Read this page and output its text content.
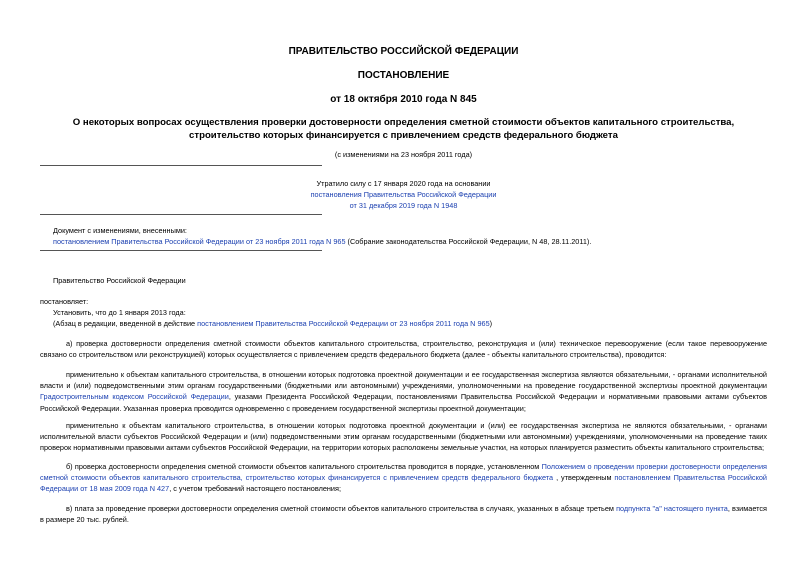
ПРАВИТЕЛЬСТВО РОССИЙСКОЙ ФЕДЕРАЦИИ
ПОСТАНОВЛЕНИЕ
от 18 октября 2010 года N 845
О некоторых вопросах осуществления проверки достоверности определения сметной стоимости объектов капитального строительства, строительство которых финансируется с привлечением средств федерального бюджета
(с изменениями на 23 ноября 2011 года)
Утратило силу с 17 января 2020 года на основании
постановления Правительства Российской Федерации
от 31 декабря 2019 года N 1948
Документ с изменениями, внесенными:
постановлением Правительства Российской Федерации от 23 ноября 2011 года N 965 (Собрание законодательства Российской Федерации, N 48, 28.11.2011).
Правительство Российской Федерации
постановляет:
Установить, что до 1 января 2013 года:
(Абзац в редакции, введенной в действие постановлением Правительства Российской Федерации от 23 ноября 2011 года N 965)
а) проверка достоверности определения сметной стоимости объектов капитального строительства, строительство, реконструкция и (или) техническое перевооружение (если такое перевооружение связано со строительством или реконструкцией) которых осуществляется с привлечением средств федерального бюджета (далее - объекты капитального строительства), проводится:
применительно к объектам капитального строительства, в отношении которых подготовка проектной документации и ее государственная экспертиза являются обязательными, - органами исполнительной власти и (или) подведомственными этим органам государственными (бюджетными или автономными) учреждениями, уполномоченными на проведение государственной экспертизы проектной документации Градостроительным кодексом Российской Федерации, указами Президента Российской Федерации, постановлениями Правительства Российской Федерации и нормативными правовыми актами субъектов Российской Федерации. Указанная проверка проводится одновременно с проведением государственной экспертизы проектной документации;
применительно к объектам капитального строительства, в отношении которых подготовка проектной документации и (или) ее государственная экспертиза не являются обязательными, - органами исполнительной власти субъектов Российской Федерации и (или) подведомственными этим органам государственными (бюджетными или автономными) учреждениями, уполномоченными на проведение таких проверок нормативными правовыми актами субъектов Российской Федерации, на территории которых расположены земельные участки, на которых планируется разместить объекты капитального строительства;
б) проверка достоверности определения сметной стоимости объектов капитального строительства проводится в порядке, установленном Положением о проведении проверки достоверности определения сметной стоимости объектов капитального строительства, строительство которых финансируется с привлечением средств федерального бюджета , утвержденным постановлением Правительства Российской Федерации от 18 мая 2009 года N 427, с учетом требований настоящего постановления;
в) плата за проведение проверки достоверности определения сметной стоимости объектов капитального строительства в случаях, указанных в абзаце третьем подпункта "а" настоящего пункта, взимается в размере 20 тыс. рублей.
